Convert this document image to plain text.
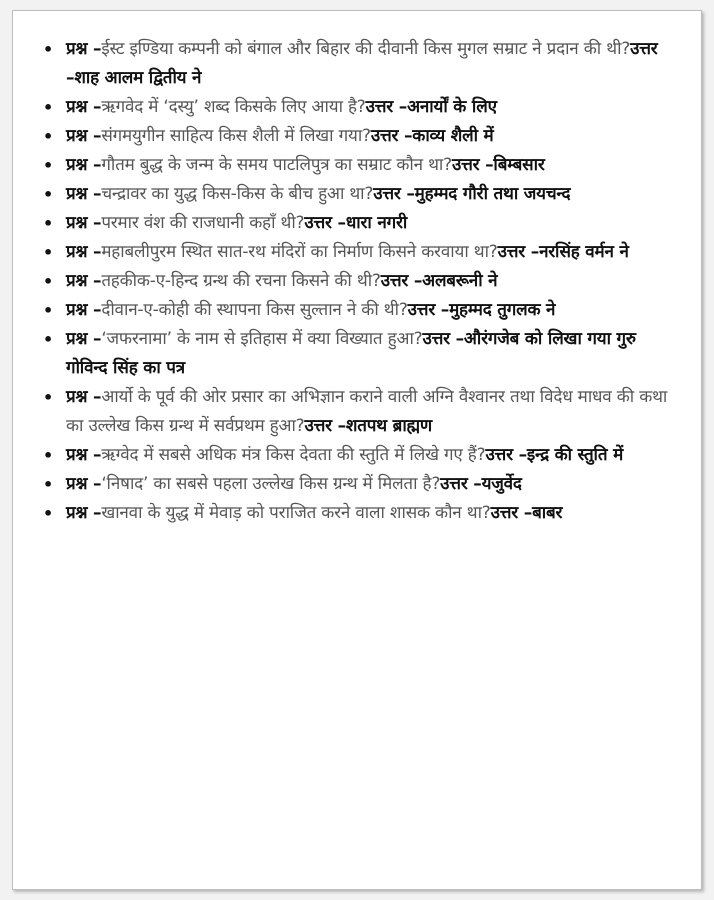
• प्रश्न –ईस्ट इण्डिया कम्पनी को बंगाल और बिहार की दीवानी किस मुगल सम्राट ने प्रदान की थी?उत्तर –शाह आलम द्वितीय ने
• प्रश्न –ऋगवेद में ‘दस्यु’ शब्द किसके लिए आया है?उत्तर –अनार्यों के लिए
• प्रश्न –संगमयुगीन साहित्य किस शैली में लिखा गया?उत्तर –काव्य शैली में
• प्रश्न –गौतम बुद्ध के जन्म के समय पाटलिपुत्र का सम्राट कौन था?उत्तर –बिम्बसार
• प्रश्न –चन्द्रावर का युद्ध किस-किस के बीच हुआ था?उत्तर –मुहम्मद गौरी तथा जयचन्द
• प्रश्न –परमार वंश की राजधानी कहाँ थी?उत्तर –धारा नगरी
• प्रश्न –महाबलीपुरम स्थित सात-रथ मंदिरों का निर्माण किसने करवाया था?उत्तर –नरसिंह वर्मन ने
• प्रश्न –तहकीक-ए-हिन्द ग्रन्थ की रचना किसने की थी?उत्तर –अलबरूनी ने
• प्रश्न –दीवान-ए-कोही की स्थापना किस सुल्तान ने की थी?उत्तर –मुहम्मद तुगलक ने
• प्रश्न –‘जफरनामा’ के नाम से इतिहास में क्या विख्यात हुआ?उत्तर –औरंगजेब को लिखा गया गुरु गोविन्द सिंह का पत्र
• प्रश्न –आर्यो के पूर्व की ओर प्रसार का अभिज्ञान कराने वाली अग्नि वैश्वानर तथा विदेध माधव की कथा का उल्लेख किस ग्रन्थ में सर्वप्रथम हुआ?उत्तर –शतपथ ब्राह्मण
• प्रश्न –ऋग्वेद में सबसे अधिक मंत्र किस देवता की स्तुति में लिखे गए हैं?उत्तर –इन्द्र की स्तुति में
• प्रश्न –‘निषाद’ का सबसे पहला उल्लेख किस ग्रन्थ में मिलता है?उत्तर –यजुर्वेद
• प्रश्न –खानवा के युद्ध में मेवाड़ को पराजित करने वाला शासक कौन था?उत्तर –बाबर
